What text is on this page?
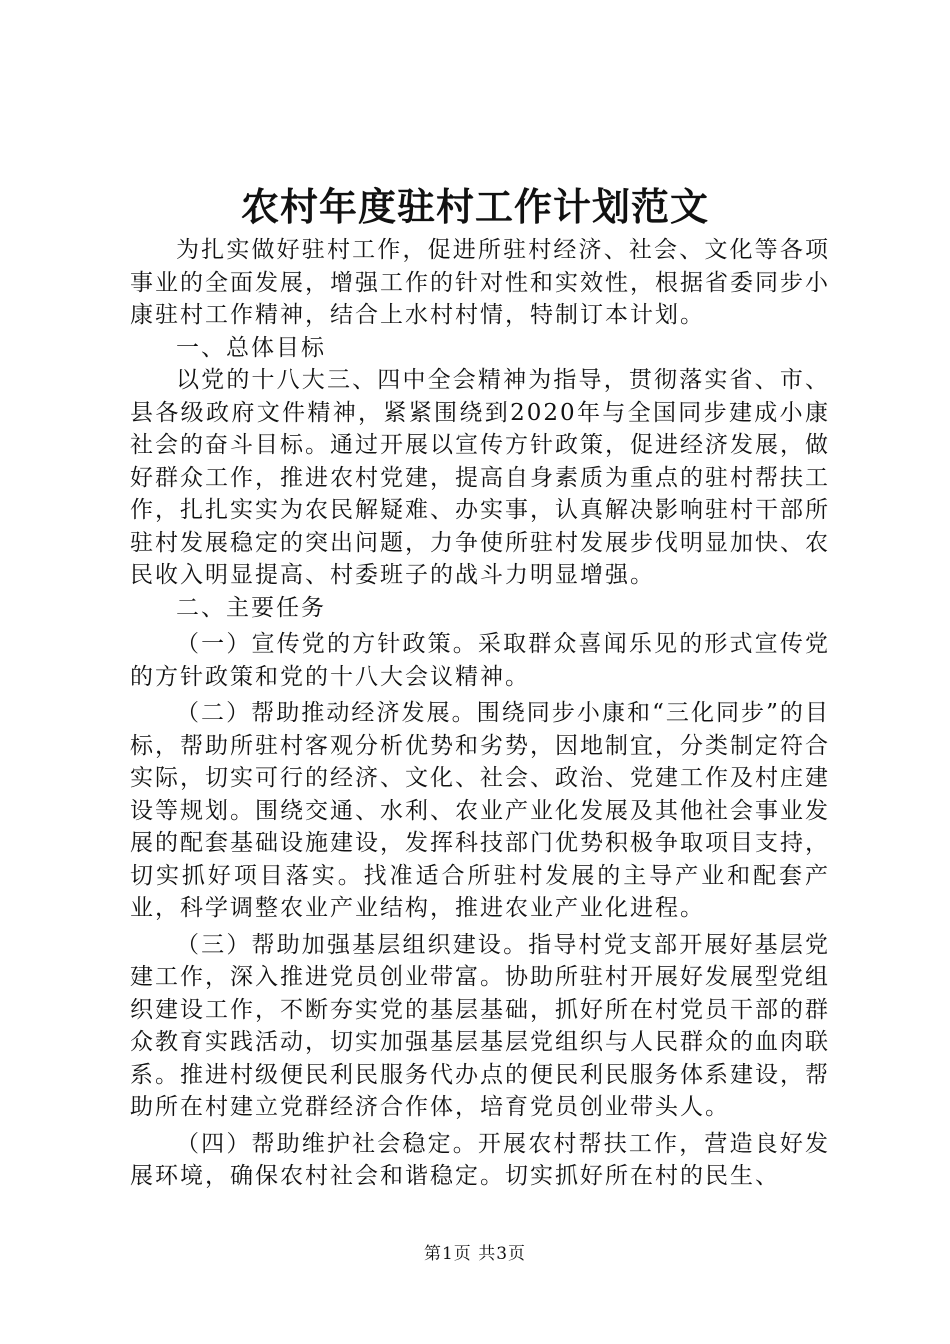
农村年度驻村工作计划范文

为扎实做好驻村工作，促进所驻村经济、社会、文化等各项事业的全面发展，增强工作的针对性和实效性，根据省委同步小康驻村工作精神，结合上水村村情，特制订本计划。

一、总体目标

以党的十八大三、四中全会精神为指导，贯彻落实省、市、县各级政府文件精神，紧紧围绕到2020年与全国同步建成小康社会的奋斗目标。通过开展以宣传方针政策，促进经济发展，做好群众工作，推进农村党建，提高自身素质为重点的驻村帮扶工作，扎扎实实为农民解疑难、办实事，认真解决影响驻村干部所驻村发展稳定的突出问题，力争使所驻村发展步伐明显加快、农民收入明显提高、村委班子的战斗力明显增强。

二、主要任务

（一）宣传党的方针政策。采取群众喜闻乐见的形式宣传党的方针政策和党的十八大会议精神。

（二）帮助推动经济发展。围绕同步小康和“三化同步”的目标，帮助所驻村客观分析优势和劣势，因地制宜，分类制定符合实际，切实可行的经济、文化、社会、政治、党建工作及村庄建设等规划。围绕交通、水利、农业产业化发展及其他社会事业发展的配套基础设施建设，发挥科技部门优势积极争取项目支持，切实抓好项目落实。找准适合所驻村发展的主导产业和配套产业，科学调整农业产业结构，推进农业产业化进程。

（三）帮助加强基层组织建设。指导村党支部开展好基层党建工作，深入推进党员创业带富。协助所驻村开展好发展型党组织建设工作，不断夯实党的基层基础，抓好所在村党员干部的群众教育实践活动，切实加强基层基层党组织与人民群众的血肉联系。推进村级便民利民服务代办点的便民利民服务体系建设，帮助所在村建立党群经济合作体，培育党员创业带头人。

（四）帮助维护社会稳定。开展农村帮扶工作，营造良好发展环境，确保农村社会和谐稳定。切实抓好所在村的民生、

第1页 共3页
